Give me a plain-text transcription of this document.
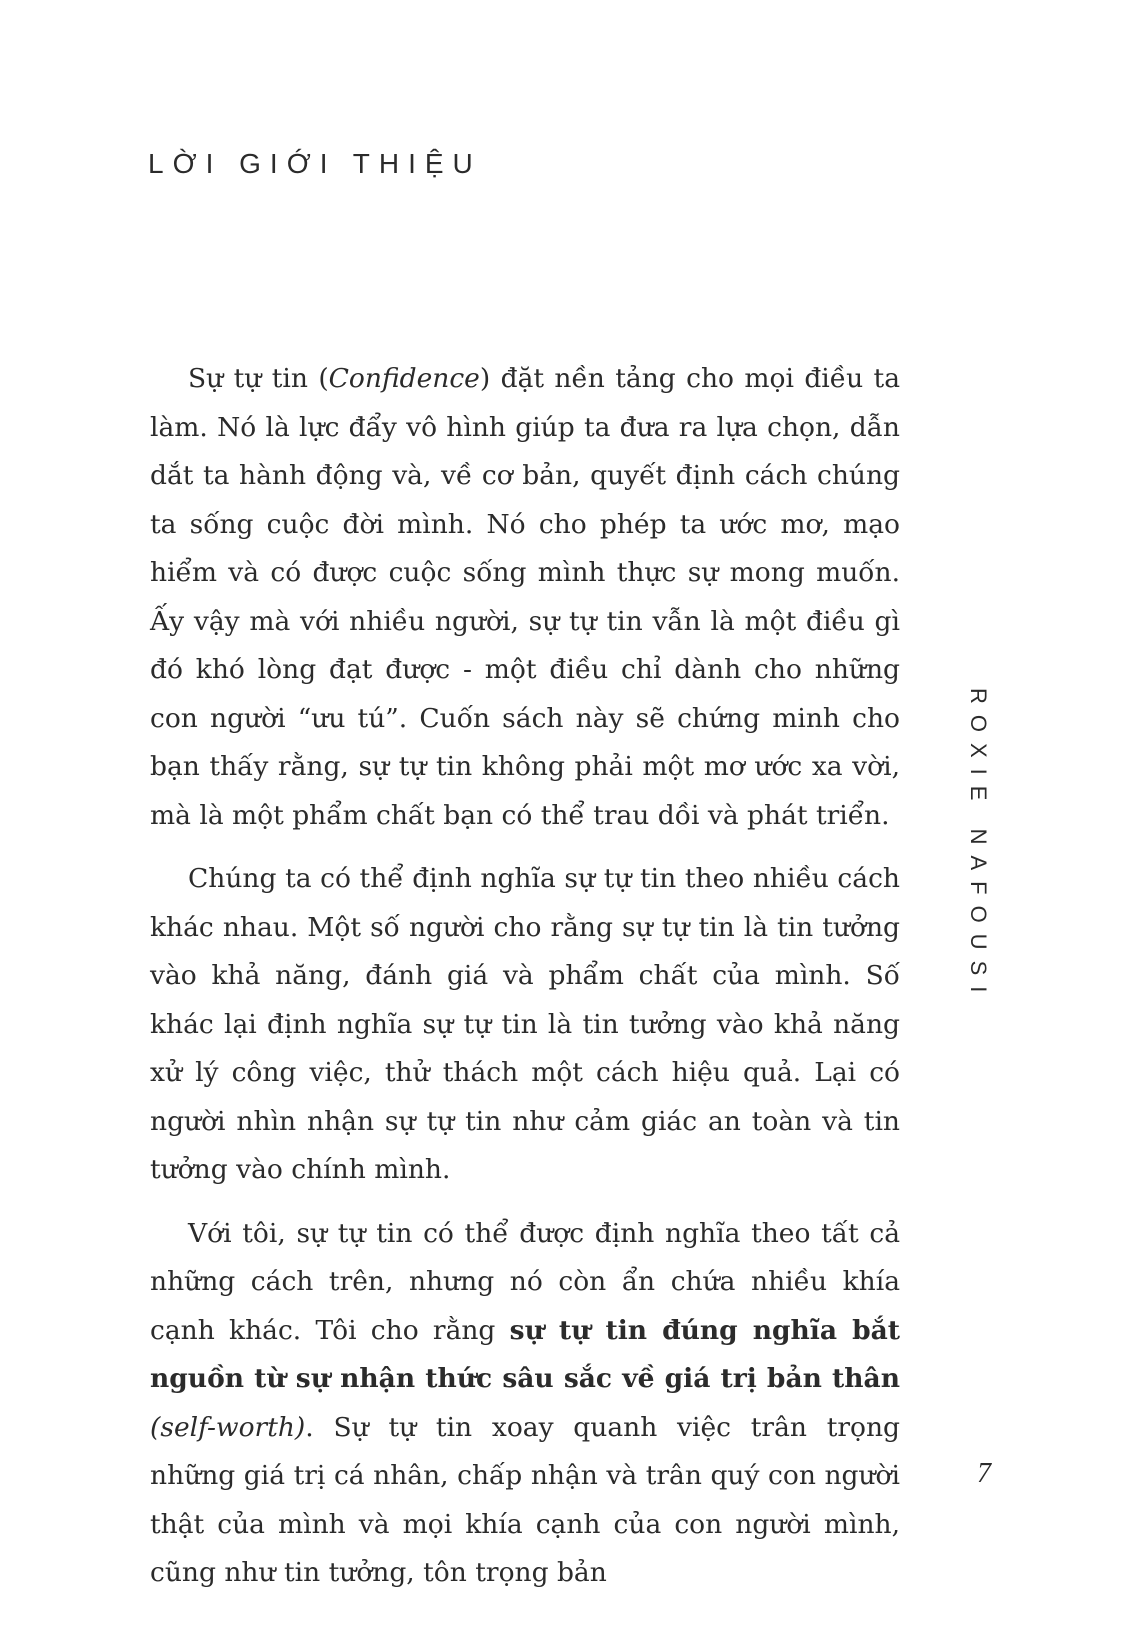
LỜI GIỚI THIỆU

Sự tự tin (Confidence) đặt nền tảng cho mọi điều ta làm. Nó là lực đẩy vô hình giúp ta đưa ra lựa chọn, dẫn dắt ta hành động và, về cơ bản, quyết định cách chúng ta sống cuộc đời mình. Nó cho phép ta ước mơ, mạo hiểm và có được cuộc sống mình thực sự mong muốn. Ấy vậy mà với nhiều người, sự tự tin vẫn là một điều gì đó khó lòng đạt được - một điều chỉ dành cho những con người “ưu tú”. Cuốn sách này sẽ chứng minh cho bạn thấy rằng, sự tự tin không phải một mơ ước xa vời, mà là một phẩm chất bạn có thể trau dồi và phát triển.

Chúng ta có thể định nghĩa sự tự tin theo nhiều cách khác nhau. Một số người cho rằng sự tự tin là tin tưởng vào khả năng, đánh giá và phẩm chất của mình. Số khác lại định nghĩa sự tự tin là tin tưởng vào khả năng xử lý công việc, thử thách một cách hiệu quả. Lại có người nhìn nhận sự tự tin như cảm giác an toàn và tin tưởng vào chính mình.

Với tôi, sự tự tin có thể được định nghĩa theo tất cả những cách trên, nhưng nó còn ẩn chứa nhiều khía cạnh khác. Tôi cho rằng sự tự tin đúng nghĩa bắt nguồn từ sự nhận thức sâu sắc về giá trị bản thân (self-worth). Sự tự tin xoay quanh việc trân trọng những giá trị cá nhân, chấp nhận và trân quý con người thật của mình và mọi khía cạnh của con người mình, cũng như tin tưởng, tôn trọng bản

ROXIE NAFOUSI
7
